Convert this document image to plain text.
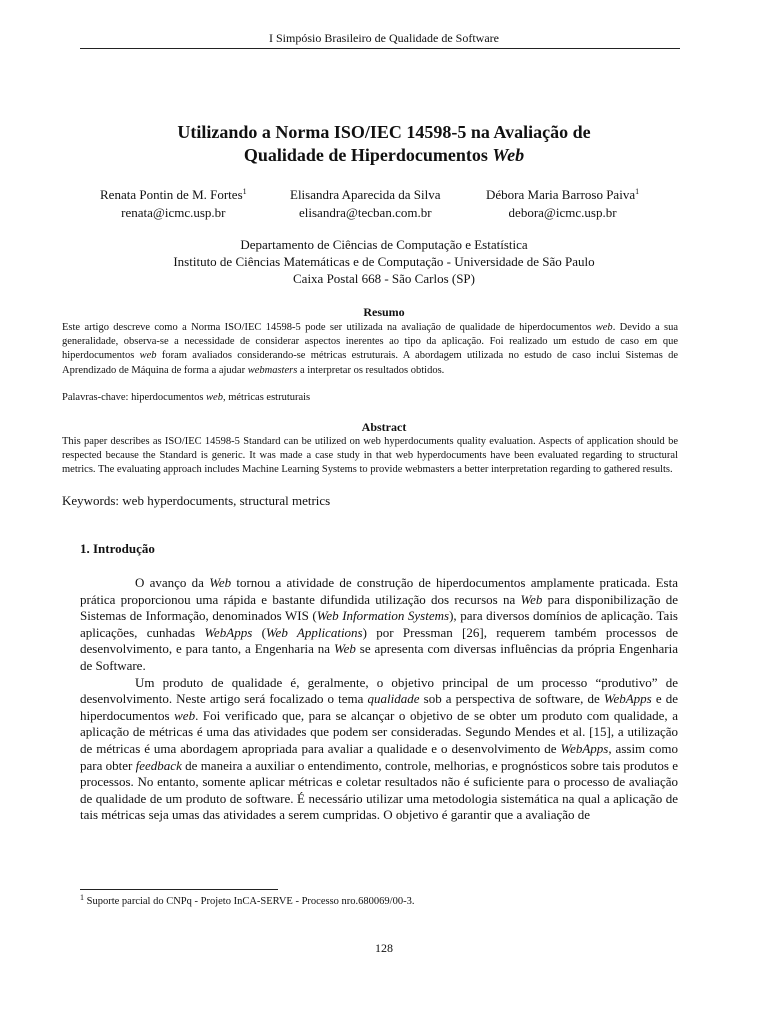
I Simpósio Brasileiro de Qualidade de Software
Utilizando a Norma ISO/IEC 14598-5 na Avaliação de
Qualidade de Hiperdocumentos Web
Renata Pontin de M. Fortes$^1$
renata@icmc.usp.br
Elisandra Aparecida da Silva
elisandra@tecban.com.br
Débora Maria Barroso Paiva$^1$
debora@icmc.usp.br
Departamento de Ciências de Computação e Estatística
Instituto de Ciências Matemáticas e de Computação - Universidade de São Paulo
Caixa Postal 668 - São Carlos (SP)
Resumo

Este artigo descreve como a Norma ISO/IEC 14598-5 pode ser utilizada na avaliação de qualidade de hiperdocumentos web. Devido a sua generalidade, observa-se a necessidade de considerar aspectos inerentes ao tipo da aplicação. Foi realizado um estudo de caso em que hiperdocumentos web foram avaliados considerando-se métricas estruturais. A abordagem utilizada no estudo de caso inclui Sistemas de Aprendizado de Máquina de forma a ajudar webmasters a interpretar os resultados obtidos.

Palavras-chave: hiperdocumentos web, métricas estruturais
Abstract

This paper describes as ISO/IEC 14598-5 Standard can be utilized on web hyperdocuments quality evaluation. Aspects of application should be respected because the Standard is generic. It was made a case study in that web hyperdocuments have been evaluated regarding to structural metrics. The evaluating approach includes Machine Learning Systems to provide webmasters a better interpretation regarding to gathered results.

Keywords: web hyperdocuments, structural metrics
1. Introdução

O avanço da Web tornou a atividade de construção de hiperdocumentos amplamente praticada. Esta prática proporcionou uma rápida e bastante difundida utilização dos recursos na Web para disponibilização de Sistemas de Informação, denominados WIS (Web Information Systems), para diversos domínios de aplicação. Tais aplicações, cunhadas WebApps (Web Applications) por Pressman [26], requerem também processos de desenvolvimento, e para tanto, a Engenharia na Web se apresenta com diversas influências da própria Engenharia de Software.

Um produto de qualidade é, geralmente, o objetivo principal de um processo “produtivo” de desenvolvimento. Neste artigo será focalizado o tema qualidade sob a perspectiva de software, de WebApps e de hiperdocumentos web. Foi verificado que, para se alcançar o objetivo de se obter um produto com qualidade, a aplicação de métricas é uma das atividades que podem ser consideradas. Segundo Mendes et al. [15], a utilização de métricas é uma abordagem apropriada para avaliar a qualidade e o desenvolvimento de WebApps, assim como para obter feedback de maneira a auxiliar o entendimento, controle, melhorias, e prognósticos sobre tais produtos e processos. No entanto, somente aplicar métricas e coletar resultados não é suficiente para o processo de avaliação de qualidade de um produto de software. É necessário utilizar uma metodologia sistemática na qual a aplicação de tais métricas seja umas das atividades a serem cumpridas. O objetivo é garantir que a avaliação de

$^1$ Suporte parcial do CNPq - Projeto InCA-SERVE - Processo nro.680069/00-3.
128
